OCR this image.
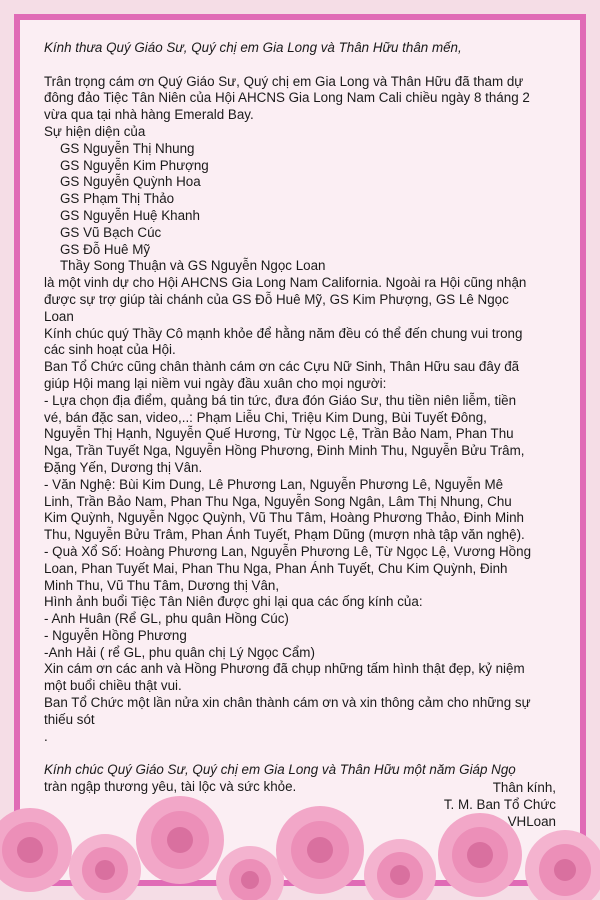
Kính thưa Quý Giáo Sư, Quý chị em Gia Long và Thân Hữu thân mến,

Trân trọng cám ơn Quý Giáo Sư, Quý chị em Gia Long và Thân Hữu đã tham dự

đông đảo Tiệc Tân Niên của Hội AHCNS Gia Long Nam Cali chiều ngày 8 tháng 2

vừa qua tại nhà hàng Emerald Bay.

Sự hiện diện của

GS Nguyễn Thị Nhung

GS Nguyễn Kim Phượng

GS Nguyễn Quỳnh Hoa

GS Phạm Thị Thảo

GS Nguyễn Huệ Khanh

GS Vũ Bạch Cúc

GS Đỗ Huê Mỹ

Thầy Song Thuận và GS Nguyễn Ngọc Loan

là một vinh dự cho Hội AHCNS Gia Long Nam California. Ngoài ra Hội cũng nhận

được sự trợ giúp tài chánh của GS Đỗ Huê Mỹ, GS Kim Phượng, GS Lê Ngọc

Loan

Kính chúc quý Thầy Cô mạnh khỏe để hằng năm đều có thể đến chung vui trong

các sinh hoạt của Hội.

Ban Tổ Chức cũng chân thành cám ơn các Cựu Nữ Sinh, Thân Hữu sau đây đã

giúp Hội mang lại niềm vui ngày đầu xuân cho mọi người:

- Lựa chọn địa điểm, quảng bá tin tức, đưa đón Giáo Sư, thu tiền niên liễm, tiền

vé, bán đặc san, video,..: Phạm Liễu Chi, Triệu Kim Dung, Bùi Tuyết Đông,

Nguyễn Thị Hạnh, Nguyễn Quế Hương, Từ Ngọc Lệ, Trần Bảo Nam, Phan Thu

Nga, Trần Tuyết Nga, Nguyễn Hồng Phương, Đinh Minh Thu, Nguyễn Bửu Trâm,

Đặng Yến, Dương thị Vân.

- Văn Nghệ: Bùi Kim Dung, Lê Phương Lan, Nguyễn Phương Lê, Nguyễn Mê

Linh, Trần Bảo Nam, Phan Thu Nga, Nguyễn Song Ngân, Lâm Thị Nhung, Chu

Kim Quỳnh, Nguyễn Ngọc Quỳnh, Vũ Thu Tâm, Hoàng Phương Thảo, Đinh Minh

Thu, Nguyễn Bửu Trâm, Phan Ánh Tuyết, Phạm Dũng (mượn nhà tập văn nghệ).

- Quà Xổ Số: Hoàng Phương Lan, Nguyễn Phương Lê, Từ Ngọc Lệ, Vương Hồng

Loan, Phan Tuyết Mai, Phan Thu Nga, Phan Ánh Tuyết, Chu Kim Quỳnh, Đinh

Minh Thu, Vũ Thu Tâm, Dương thị Vân,

Hình ảnh buổi Tiệc Tân Niên được ghi lại qua các ống kính của:

- Anh Huân (Rể GL, phu quân Hồng Cúc)

- Nguyễn Hồng Phương

-Anh Hải ( rể GL, phu quân chị Lý Ngọc Cẩm)

Xin cám ơn các anh và Hồng Phương đã chụp những tấm hình thật đẹp, kỷ niệm

một buổi chiều thật vui.

Ban Tổ Chức một lần nửa xin chân thành cám ơn và xin thông cảm cho những sự

thiếu sót

.

Kính chúc Quý Giáo Sư, Quý chị em Gia Long và Thân Hữu một năm Giáp Ngọ

tràn ngập thương yêu, tài lộc và sức khỏe.	Thân kính,

T. M. Ban Tổ Chức

VHLoan
